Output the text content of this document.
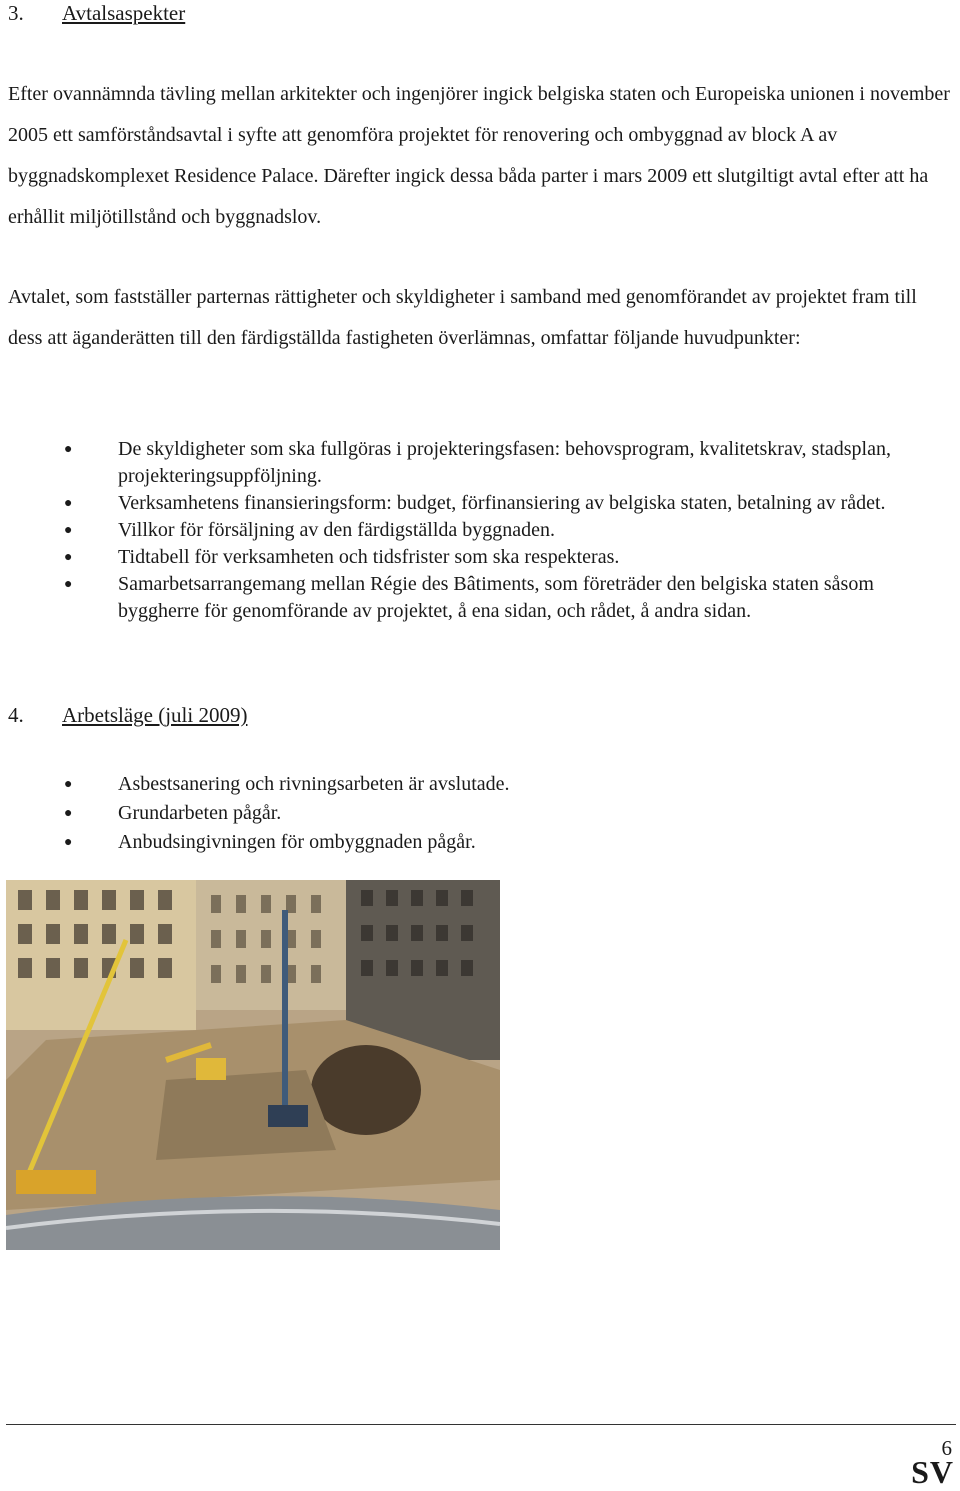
3. Avtalsaspekter

Efter ovannämnda tävling mellan arkitekter och ingenjörer ingick belgiska staten och Europeiska unionen i november 2005 ett samförståndsavtal i syfte att genomföra projektet för renovering och ombyggnad av block A av byggnadskomplexet Residence Palace. Därefter ingick dessa båda parter i mars 2009 ett slutgiltigt avtal efter att ha erhållit miljötillstånd och byggnadslov.

Avtalet, som fastställer parternas rättigheter och skyldigheter i samband med genomförandet av projektet fram till dess att äganderätten till den färdigställda fastigheten överlämnas, omfattar följande huvudpunkter:

● De skyldigheter som ska fullgöras i projekteringsfasen: behovsprogram, kvalitetskrav, stadsplan, projekteringsuppföljning.
● Verksamhetens finansieringsform: budget, förfinansiering av belgiska staten, betalning av rådet.
● Villkor för försäljning av den färdigställda byggnaden.
● Tidtabell för verksamheten och tidsfrister som ska respekteras.
● Samarbetsarrangemang mellan Régie des Bâtiments, som företräder den belgiska staten såsom byggherre för genomförande av projektet, å ena sidan, och rådet, å andra sidan.
4. Arbetsläge (juli 2009)
● Asbestsanering och rivningsarbeten är avslutade.
● Grundarbeten pågår.
● Anbudsingivningen för ombyggnaden pågår.
6
SV
